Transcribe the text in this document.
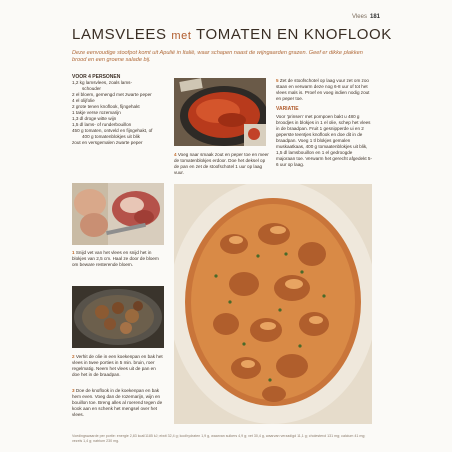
Vlees 181
LAMSVLEES met TOMATEN EN KNOFLOOK
Deze eenvoudige stoofpot komt uit Apulië in Italië, waar schapen naast de wijngaarden grazen. Geef er dikke plakken brood en een groene salade bij.
VOOR 4 PERSONEN
1,2 kg lamsvlees, zoals lams-
schouder
2 el bloem, gemengd met zwarte peper
4 el olijfolie
2 grote tenen knoflook, fijngehakt
1 takje verse rozemarijn
1,3 dl droge witte wijn
1,5 dl lams- of runderbouillon
450 g tomaten, ontveld en fijngehakt, of
400 g tomatenblokjes uit blik
zout en versgemalen zwarte peper

5 Zet de stoofschotel op laag vuur zet om zoo staan en verwarm deze nog 6-8 uur of tot het vlees mals is. Proef en voeg indien nodig zout en peper toe.

VARIATIE

Voor 'prinsen' met pompoen bakt u 480 g broodjes in blokjes in 1 el olie, schep het vlees in de braadpan. Fruit 1 gesnipperde ui en 2 geperste teentjes knoflook en doe dit in de braadpan. Voeg 1 tl blokjes gemalen muskaatkaas, 400 g tomaatenblokjes uit blik, 1,5 dl lamsbouillon en 1 el gedroogde majoraan toe. Verwarm het gerecht afgedekt 5-6 uur op laag.

4 Voeg naar smaak zout en peper toe en meer de tomatenblokjes erdoor. Doe het deksel op de pan en zet de stoofschotel 1 uur op laag vuur.

1 Snijd vet van het vlees en snijd het in blokjes van 2,5 cm. Haal ze door de bloem om beware resterende bloem.

2 Verhit de olie in een koekenpan en bak het vlees in twee porties in 5 min. bruin, roer regelmatig. Neem het vlees uit de pan en doe het in de braadpan.

3 Doe de knoflook in de koekenpan en bak hem even. Voeg dan de rozemarijn, wijn en bouillon toe. Breng alles al roerend tegen de kook aan en schenk het mengsel over het vlees.

Voedingswaarde per portie: energie 2,83 kcal/1185 kJ; eiwit 32,4 g; koolhydraten 1,9 g, waarvan suikers 4,9 g; vet 30,4 g, waarvan verzadigd 11,1 g; cholesterol 131 mg; calcium 41 mg; vezels 1,4 g; natrium 230 mg.
